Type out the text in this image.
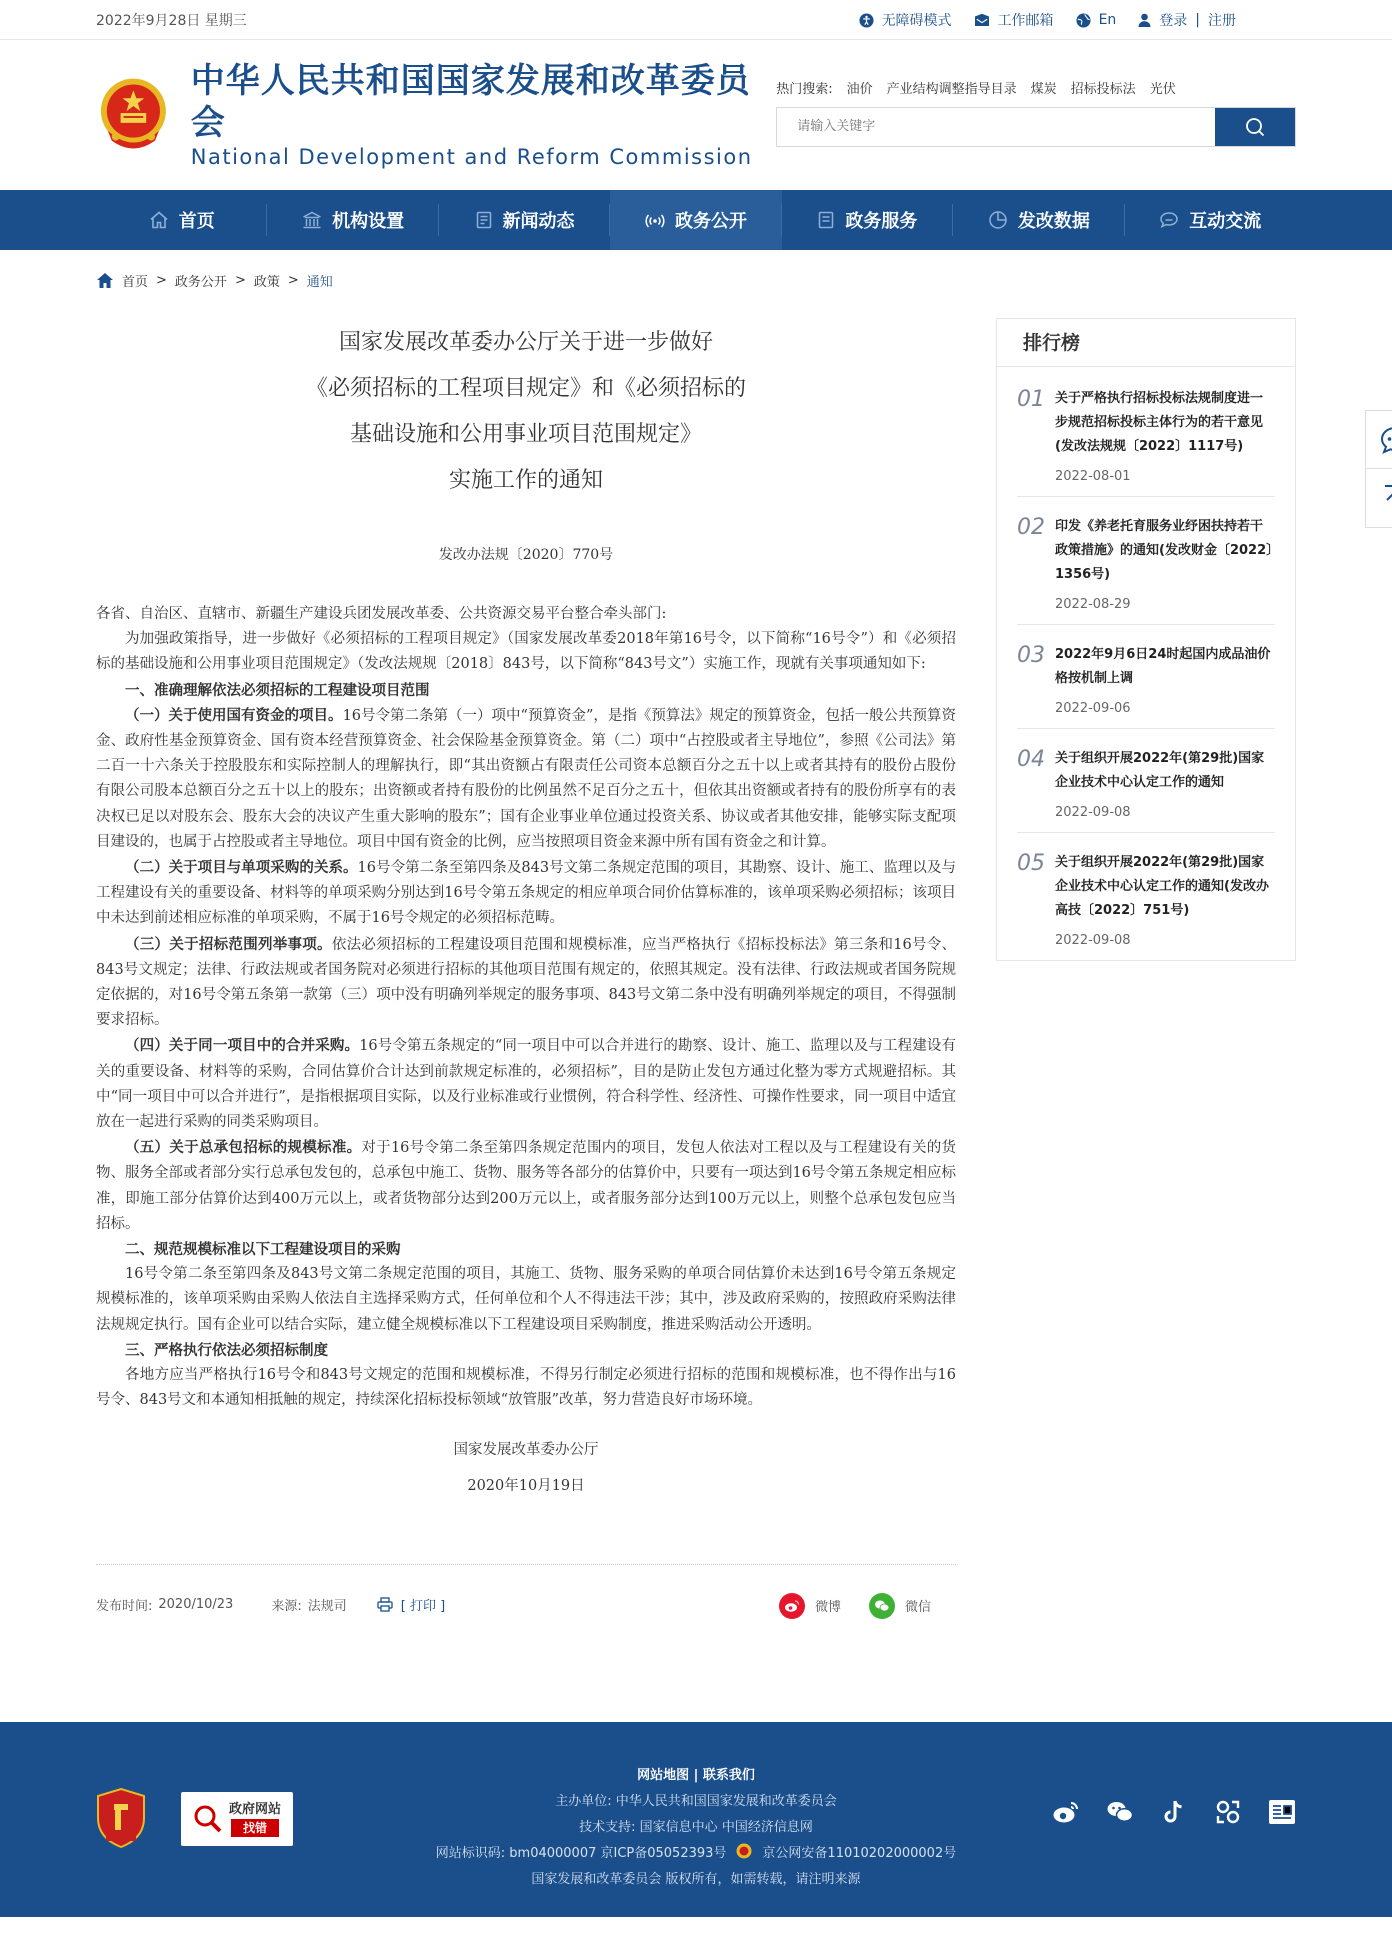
2022年9月28日 星期三	无障碍模式	工作邮箱	En	登录 | 注册
中华人民共和国国家发展和改革委员会
National Development and Reform Commission
热门搜索: 油价 产业结构调整指导目录 煤炭 招标投标法 光伏
请输入关键字
首页	机构设置	新闻动态	政务公开	政务服务	发改数据	互动交流
首页 > 政务公开 > 政策 > 通知
国家发展改革委办公厅关于进一步做好
《必须招标的工程项目规定》和《必须招标的
基础设施和公用事业项目范围规定》
实施工作的通知
发改办法规〔2020〕770号

各省、自治区、直辖市、新疆生产建设兵团发展改革委、公共资源交易平台整合牵头部门:

为加强政策指导，进一步做好《必须招标的工程项目规定》（国家发展改革委2018年第16号令，以下简称“16号令”）和《必须招标的基础设施和公用事业项目范围规定》（发改法规规〔2018〕843号，以下简称“843号文”）实施工作，现就有关事项通知如下:

一、准确理解依法必须招标的工程建设项目范围

（一）关于使用国有资金的项目。16号令第二条第（一）项中“预算资金”，是指《预算法》规定的预算资金，包括一般公共预算资金、政府性基金预算资金、国有资本经营预算资金、社会保险基金预算资金。第（二）项中“占控股或者主导地位”，参照《公司法》第二百一十六条关于控股股东和实际控制人的理解执行，即“其出资额占有限责任公司资本总额百分之五十以上或者其持有的股份占股份有限公司股本总额百分之五十以上的股东；出资额或者持有股份的比例虽然不足百分之五十，但依其出资额或者持有的股份所享有的表决权已足以对股东会、股东大会的决议产生重大影响的股东”；国有企业事业单位通过投资关系、协议或者其他安排，能够实际支配项目建设的，也属于占控股或者主导地位。项目中国有资金的比例，应当按照项目资金来源中所有国有资金之和计算。

（二）关于项目与单项采购的关系。16号令第二条至第四条及843号文第二条规定范围的项目，其勘察、设计、施工、监理以及与工程建设有关的重要设备、材料等的单项采购分别达到16号令第五条规定的相应单项合同价估算标准的，该单项采购必须招标；该项目中未达到前述相应标准的单项采购，不属于16号令规定的必须招标范畴。

（三）关于招标范围列举事项。依法必须招标的工程建设项目范围和规模标准，应当严格执行《招标投标法》第三条和16号令、843号文规定；法律、行政法规或者国务院对必须进行招标的其他项目范围有规定的，依照其规定。没有法律、行政法规或者国务院规定依据的，对16号令第五条第一款第（三）项中没有明确列举规定的服务事项、843号文第二条中没有明确列举规定的项目，不得强制要求招标。

（四）关于同一项目中的合并采购。16号令第五条规定的“同一项目中可以合并进行的勘察、设计、施工、监理以及与工程建设有关的重要设备、材料等的采购，合同估算价合计达到前款规定标准的，必须招标”，目的是防止发包方通过化整为零方式规避招标。其中“同一项目中可以合并进行”，是指根据项目实际，以及行业标准或行业惯例，符合科学性、经济性、可操作性要求，同一项目中适宜放在一起进行采购的同类采购项目。

（五）关于总承包招标的规模标准。对于16号令第二条至第四条规定范围内的项目，发包人依法对工程以及与工程建设有关的货物、服务全部或者部分实行总承包发包的，总承包中施工、货物、服务等各部分的估算价中，只要有一项达到16号令第五条规定相应标准，即施工部分估算价达到400万元以上，或者货物部分达到200万元以上，或者服务部分达到100万元以上，则整个总承包发包应当招标。

二、规范规模标准以下工程建设项目的采购

16号令第二条至第四条及843号文第二条规定范围的项目，其施工、货物、服务采购的单项合同估算价未达到16号令第五条规定规模标准的，该单项采购由采购人依法自主选择采购方式，任何单位和个人不得违法干涉；其中，涉及政府采购的，按照政府采购法律法规规定执行。国有企业可以结合实际，建立健全规模标准以下工程建设项目采购制度，推进采购活动公开透明。

三、严格执行依法必须招标制度

各地方应当严格执行16号令和843号文规定的范围和规模标准，不得另行制定必须进行招标的范围和规模标准，也不得作出与16号令、843号文和本通知相抵触的规定，持续深化招标投标领域“放管服”改革，努力营造良好市场环境。

国家发展改革委办公厅
2020年10月19日
发布时间: 2020/10/23	来源: 法规司	[ 打印 ]	微博	微信
排行榜
01 关于严格执行招标投标法规制度进一步规范招标投标主体行为的若干意见(发改法规规〔2022〕1117号)
2022-08-01
02 印发《养老托育服务业纾困扶持若干政策措施》的通知(发改财金〔2022〕1356号)
2022-08-29
03 2022年9月6日24时起国内成品油价格按机制上调
2022-09-06
04 关于组织开展2022年(第29批)国家企业技术中心认定工作的通知
2022-09-08
05 关于组织开展2022年(第29批)国家企业技术中心认定工作的通知(发改办高技〔2022〕751号)
2022-09-08
政府网站
找错
网站地图 | 联系我们
主办单位: 中华人民共和国国家发展和改革委员会
技术支持: 国家信息中心 中国经济信息网
网站标识码: bm04000007 京ICP备05052393号	京公网安备11010202000002号
国家发展和改革委员会 版权所有，如需转载，请注明来源
